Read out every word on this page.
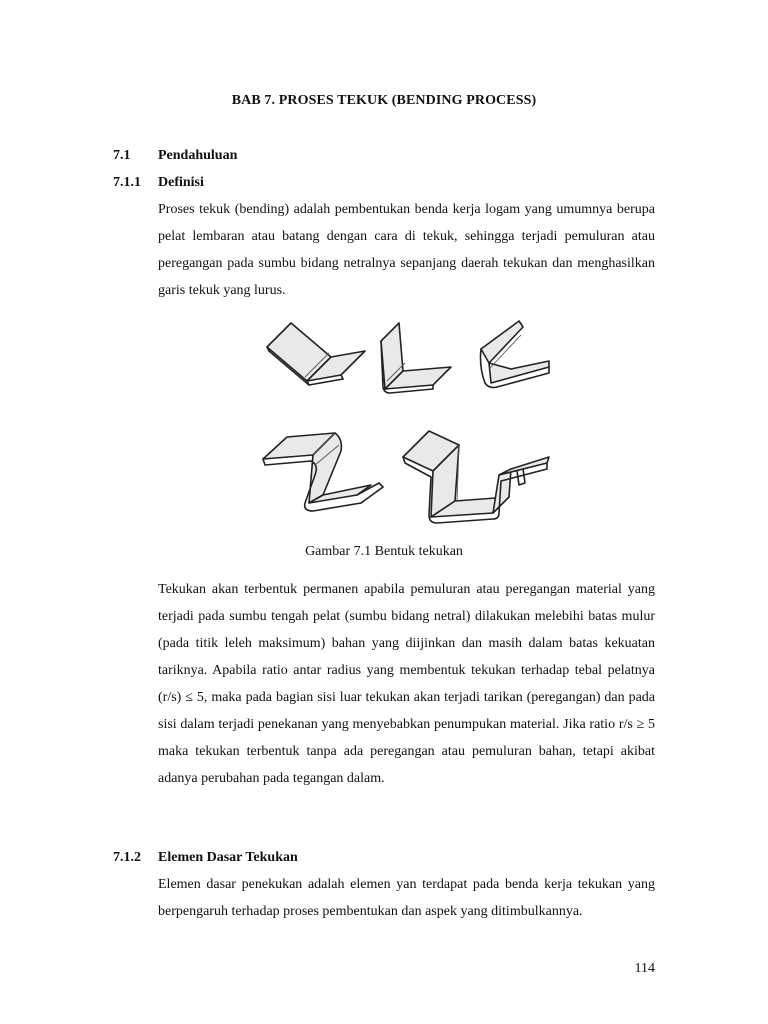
BAB 7. PROSES TEKUK (BENDING PROCESS)
7.1 Pendahuluan
7.1.1 Definisi

Proses tekuk (bending) adalah pembentukan benda kerja logam yang umumnya berupa pelat lembaran atau batang dengan cara di tekuk, sehingga terjadi pemuluran atau peregangan pada sumbu bidang netralnya sepanjang daerah tekukan dan menghasilkan garis tekuk yang lurus.

Gambar 7.1 Bentuk tekukan

Tekukan akan terbentuk permanen apabila pemuluran atau peregangan material yang terjadi pada sumbu tengah pelat (sumbu bidang netral) dilakukan melebihi batas mulur (pada titik leleh maksimum) bahan yang diijinkan dan masih dalam batas kekuatan tariknya. Apabila ratio antar radius yang membentuk tekukan terhadap tebal pelatnya (r/s) ≤ 5, maka pada bagian sisi luar tekukan akan terjadi tarikan (peregangan) dan pada sisi dalam terjadi penekanan yang menyebabkan penumpukan material. Jika ratio r/s ≥ 5 maka tekukan terbentuk tanpa ada peregangan atau pemuluran bahan, tetapi akibat adanya perubahan pada tegangan dalam.

7.1.2 Elemen Dasar Tekukan

Elemen dasar penekukan adalah elemen yan terdapat pada benda kerja tekukan yang berpengaruh terhadap proses pembentukan dan aspek yang ditimbulkannya.

114
